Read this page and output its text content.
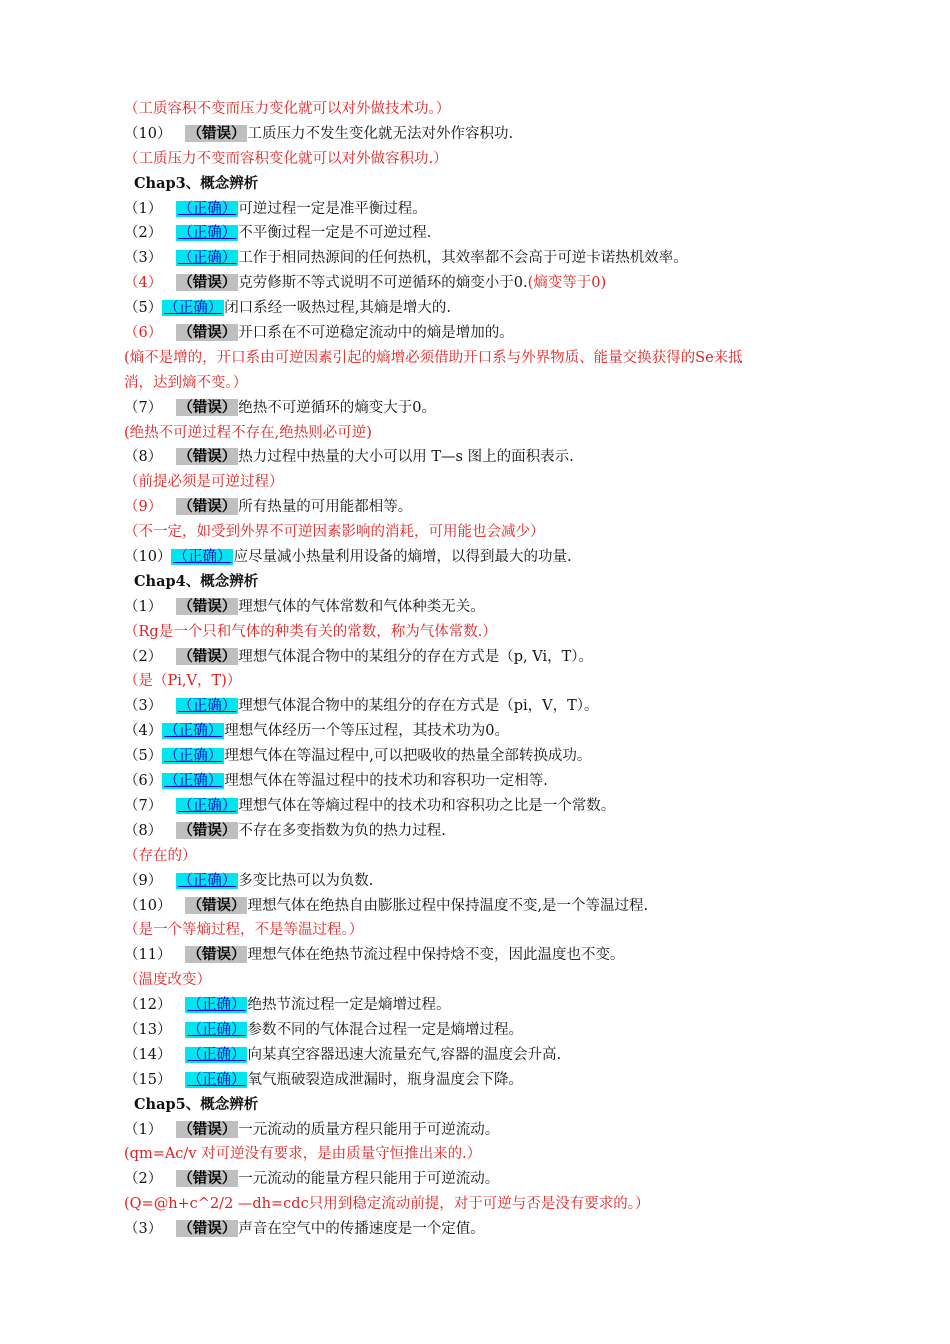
（工质容积不变而压力变化就可以对外做技术功。）
（10） （错误） 工质压力不发生变化就无法对外作容积功.
（工质压力不变而容积变化就可以对外做容积功.）
Chap3、概念辨析
（1） （正确） 可逆过程一定是准平衡过程。
（2） （正确） 不平衡过程一定是不可逆过程.
（3） （正确） 工作于相同热源间的任何热机，其效率都不会高于可逆卡诺热机效率。
（4） （错误） 克劳修斯不等式说明不可逆循环的熵变小于0.(熵变等于0)
（5） （正确） 闭口系经一吸热过程,其熵是增大的.
（6） （错误） 开口系在不可逆稳定流动中的熵是增加的。
(熵不是增的，开口系由可逆因素引起的熵增必须借助开口系与外界物质、能量交换获得的Se来抵
消，达到熵不变。）
（7） （错误） 绝热不可逆循环的熵变大于0。
(绝热不可逆过程不存在,绝热则必可逆)
（8） （错误） 热力过程中热量的大小可以用 T—s 图上的面积表示.
（前提必须是可逆过程）
（9） （错误） 所有热量的可用能都相等。
（不一定，如受到外界不可逆因素影响的消耗，可用能也会减少）
（10） （正确） 应尽量减小热量利用设备的熵增，以得到最大的功量.
Chap4、概念辨析
（1） （错误） 理想气体的气体常数和气体种类无关。
（Rg是一个只和气体的种类有关的常数，称为气体常数.）
（2） （错误） 理想气体混合物中的某组分的存在方式是（p, Vi，T）。
（是（Pi,V，T)）
（3） （正确） 理想气体混合物中的某组分的存在方式是（pi，V，T）。
（4） （正确） 理想气体经历一个等压过程，其技术功为0。
（5） （正确） 理想气体在等温过程中,可以把吸收的热量全部转换成功。
（6） （正确） 理想气体在等温过程中的技术功和容积功一定相等.
（7） （正确） 理想气体在等熵过程中的技术功和容积功之比是一个常数。
（8） （错误） 不存在多变指数为负的热力过程.
（存在的）
（9） （正确） 多变比热可以为负数.
（10） （错误） 理想气体在绝热自由膨胀过程中保持温度不变,是一个等温过程.
（是一个等熵过程，不是等温过程。）
（11） （错误） 理想气体在绝热节流过程中保持焓不变，因此温度也不变。
（温度改变）
（12） （正确） 绝热节流过程一定是熵增过程。
（13） （正确） 参数不同的气体混合过程一定是熵增过程。
（14） （正确） 向某真空容器迅速大流量充气,容器的温度会升高.
（15） （正确） 氧气瓶破裂造成泄漏时，瓶身温度会下降。
Chap5、概念辨析
（1） （错误） 一元流动的质量方程只能用于可逆流动。
(qm=Ac/v 对可逆没有要求，是由质量守恒推出来的.）
（2） （错误） 一元流动的能量方程只能用于可逆流动。
(Q=@h+c^2/2 —dh=cdc只用到稳定流动前提，对于可逆与否是没有要求的。）
（3） （错误） 声音在空气中的传播速度是一个定值。
